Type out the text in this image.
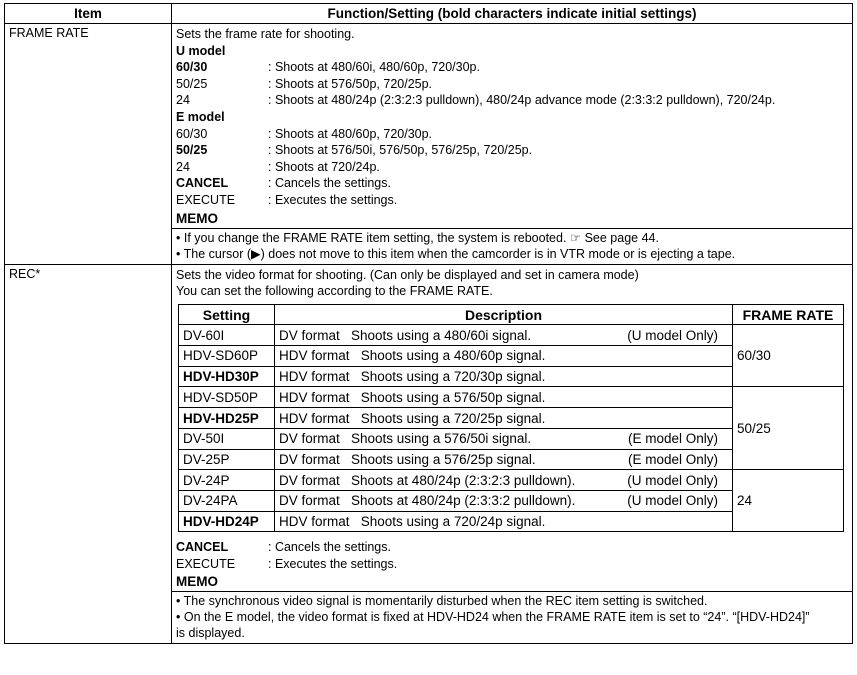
Item	Function/Setting (bold characters indicate initial settings)
FRAME RATE	Sets the frame rate for shooting.
U model
60/30	: Shoots at 480/60i, 480/60p, 720/30p.
50/25	: Shoots at 576/50p, 720/25p.
24	: Shoots at 480/24p (2:3:2:3 pulldown), 480/24p advance mode (2:3:3:2 pulldown), 720/24p.
E model
60/30	: Shoots at 480/60p, 720/30p.
50/25	: Shoots at 576/50i, 576/50p, 576/25p, 720/25p.
24	: Shoots at 720/24p.
CANCEL	: Cancels the settings.
EXECUTE	: Executes the settings.
MEMO
• If you change the FRAME RATE item setting, the system is rebooted. ☞ See page 44.
• The cursor (▶) does not move to this item when the camcorder is in VTR mode or is ejecting a tape.

REC*	Sets the video format for shooting. (Can only be displayed and set in camera mode)
You can set the following according to the FRAME RATE.
Setting	Description	FRAME RATE
DV-60I	DV format   Shoots using a 480/60i signal.	(U model Only)
	60/30
HDV-SD60P	HDV format   Shoots using a 480/60p signal.

HDV-HD30P	HDV format   Shoots using a 720/30p signal.

HDV-SD50P	HDV format   Shoots using a 576/50p signal.
	50/25
HDV-HD25P	HDV format   Shoots using a 720/25p signal.

DV-50I	DV format   Shoots using a 576/50i signal.	(E model Only)

DV-25P	DV format   Shoots using a 576/25p signal.	(E model Only)

DV-24P	DV format   Shoots at 480/24p (2:3:2:3 pulldown).	(U model Only)
	24
DV-24PA	DV format   Shoots at 480/24p (2:3:3:2 pulldown).	(U model Only)

HDV-HD24P	HDV format   Shoots using a 720/24p signal.
CANCEL	: Cancels the settings.
EXECUTE	: Executes the settings.
MEMO
• The synchronous video signal is momentarily disturbed when the REC item setting is switched.
• On the E model, the video format is fixed at HDV-HD24 when the FRAME RATE item is set to “24”. “[HDV-HD24]”
is displayed.
